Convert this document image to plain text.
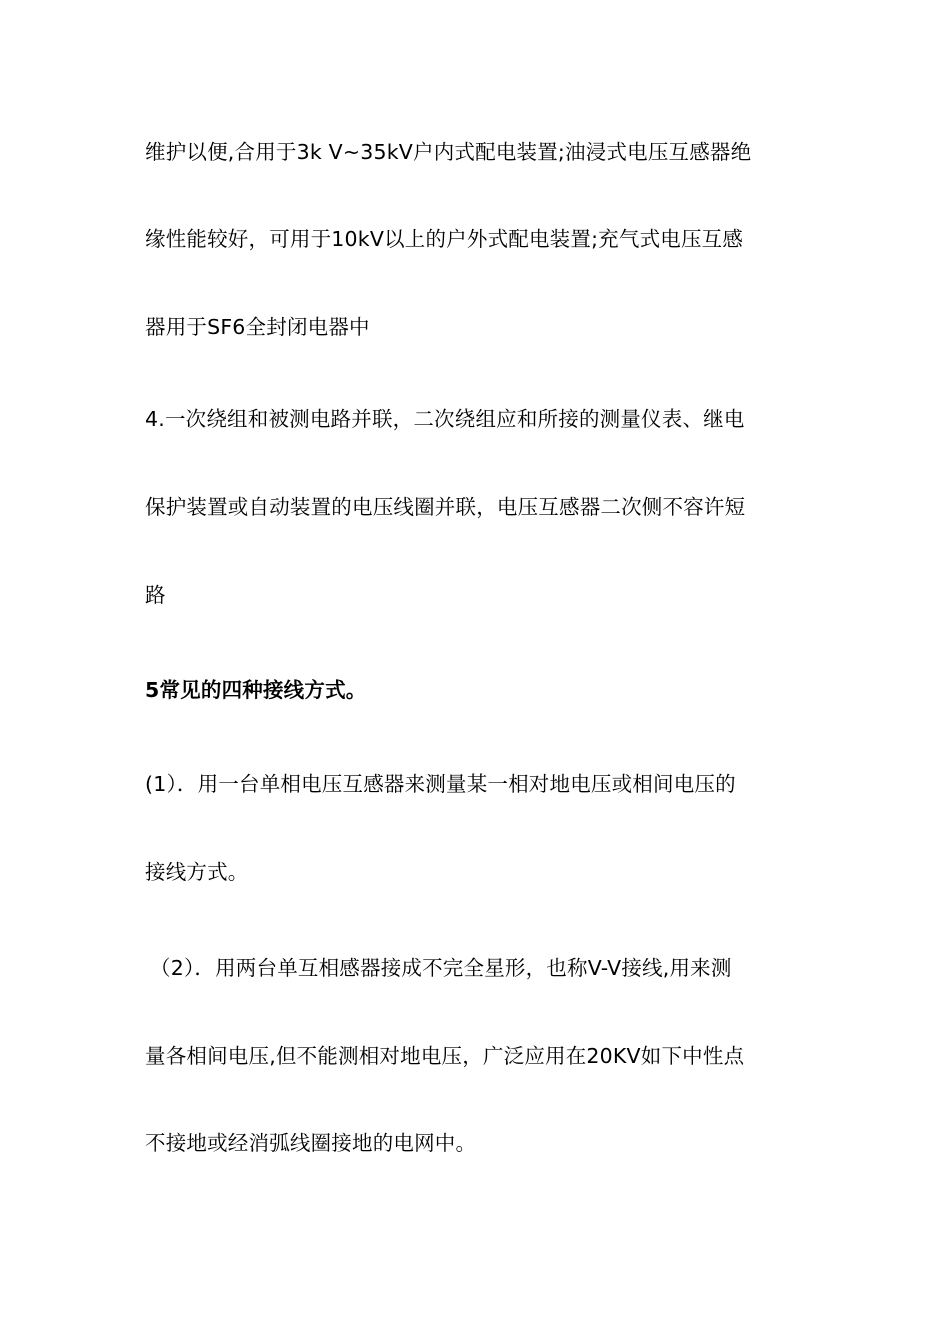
维护以便,合用于3k V~35kV户内式配电装置;油浸式电压互感器绝
缘性能较好，可用于10kV以上的户外式配电装置;充气式电压互感
器用于SF6全封闭电器中
4.一次绕组和被测电路并联，二次绕组应和所接的测量仪表、继电
保护装置或自动装置的电压线圈并联，电压互感器二次侧不容许短
路
5常见的四种接线方式。
(1）．用一台单相电压互感器来测量某一相对地电压或相间电压的
接线方式。
（2）．用两台单互相感器接成不完全星形，也称V-V接线,用来测
量各相间电压,但不能测相对地电压，广泛应用在20KV如下中性点
不接地或经消弧线圈接地的电网中。
